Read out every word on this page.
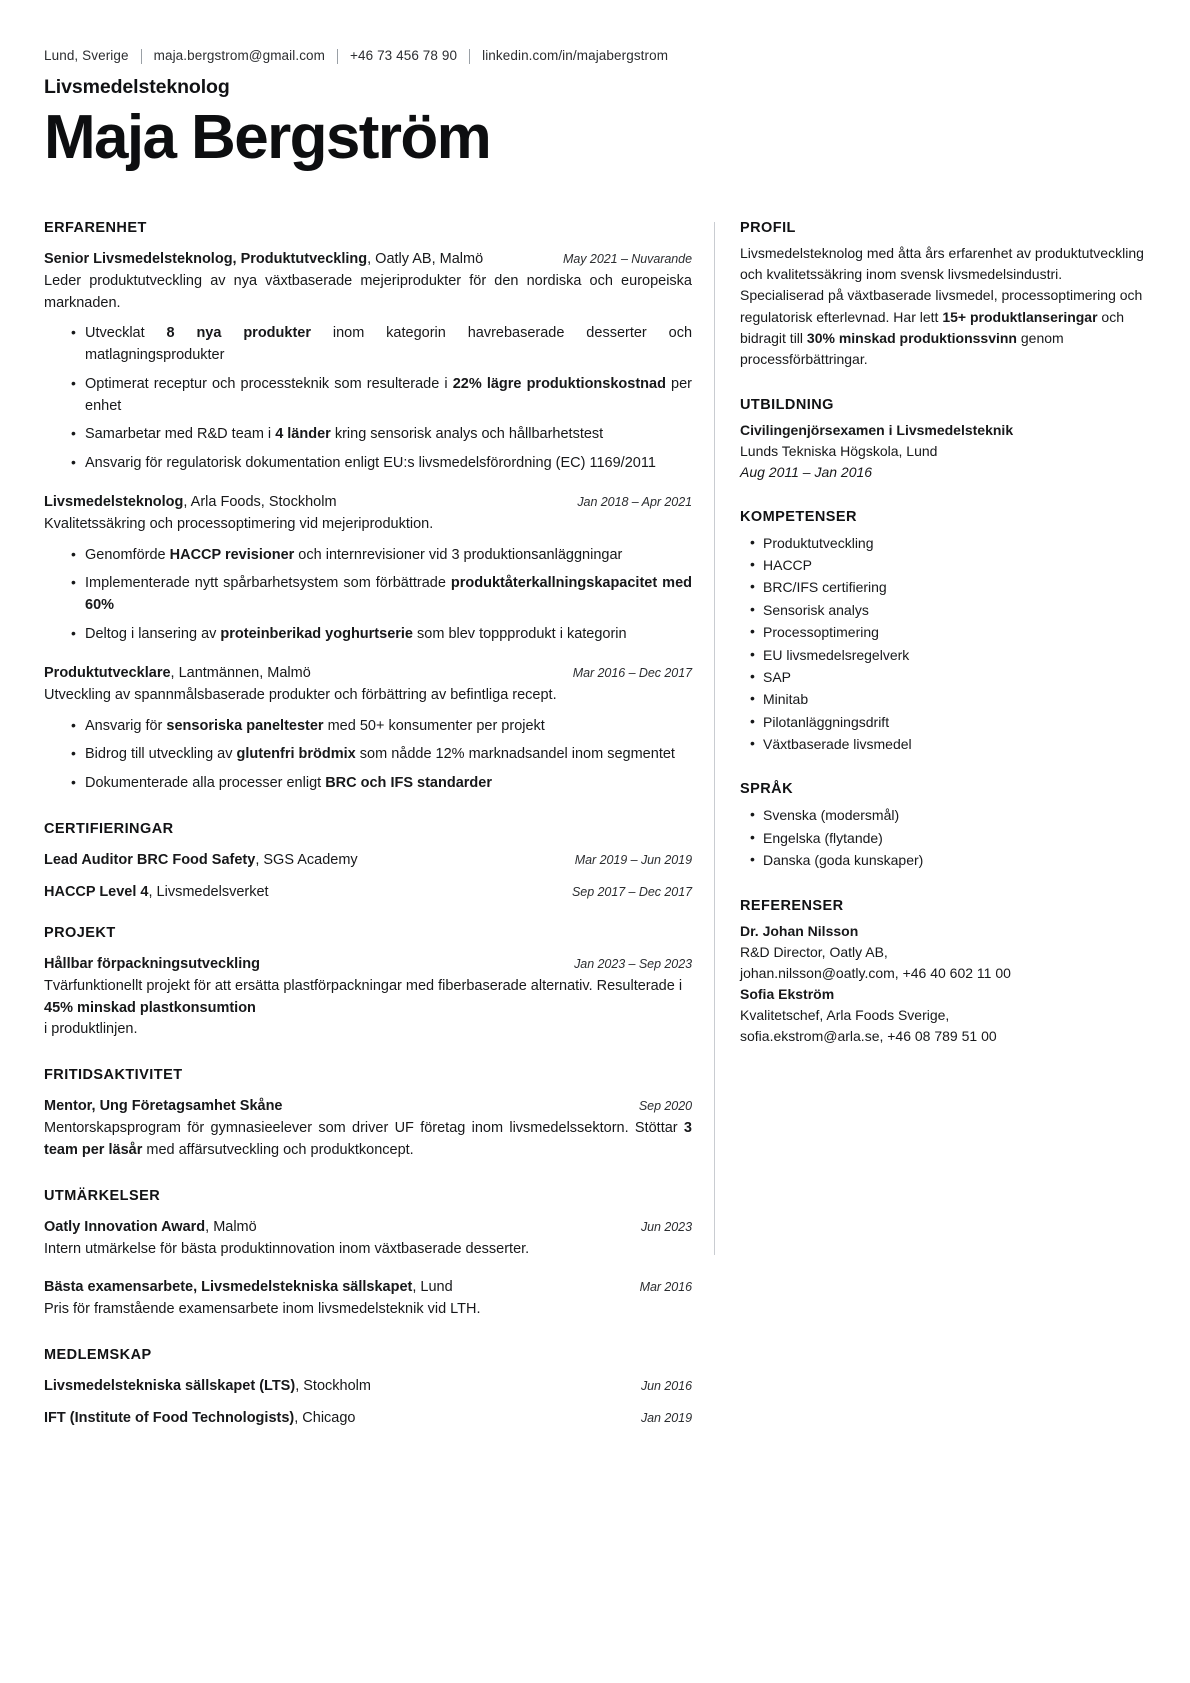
Lund, Sverige maja.bergstrom@gmail.com +46 73 456 78 90 linkedin.com/in/majabergstrom
Livsmedelsteknolog
Maja Bergström
ERFARENHET
Senior Livsmedelsteknolog, Produktutveckling, Oatly AB, Malmö	May 2021 – Nuvarande

Leder produktutveckling av nya växtbaserade mejeriprodukter för den nordiska och europeiska marknaden.

• Utvecklat 8 nya produkter inom kategorin havrebaserade desserter och matlagningsprodukter
• Optimerat receptur och processteknik som resulterade i 22% lägre produktionskostnad per enhet
• Samarbetar med R&D team i 4 länder kring sensorisk analys och hållbarhetstest
• Ansvarig för regulatorisk dokumentation enligt EU:s livsmedelsförordning (EC) 1169/2011
Livsmedelsteknolog, Arla Foods, Stockholm	Jan 2018 – Apr 2021

Kvalitetssäkring och processoptimering vid mejeriproduktion.

• Genomförde HACCP revisioner och internrevisioner vid 3 produktionsanläggningar
• Implementerade nytt spårbarhetsystem som förbättrade produktåterkallningskapacitet med 60%
• Deltog i lansering av proteinberikad yoghurtserie som blev toppprodukt i kategorin
Produktutvecklare, Lantmännen, Malmö	Mar 2016 – Dec 2017

Utveckling av spannmålsbaserade produkter och förbättring av befintliga recept.

• Ansvarig för sensoriska paneltester med 50+ konsumenter per projekt
• Bidrog till utveckling av glutenfri brödmix som nådde 12% marknadsandel inom segmentet
• Dokumenterade alla processer enligt BRC och IFS standarder
CERTIFIERINGAR
Lead Auditor BRC Food Safety, SGS Academy	Mar 2019 – Jun 2019
HACCP Level 4, Livsmedelsverket	Sep 2017 – Dec 2017
PROJEKT
Hållbar förpackningsutveckling	Jan 2023 – Sep 2023

Tvärfunktionellt projekt för att ersätta plastförpackningar med fiberbaserade alternativ. Resulterade i
45% minskad plastkonsumtion
i produktlinjen.

FRITIDSAKTIVITET
Mentor, Ung Företagsamhet Skåne	Sep 2020

Mentorskapsprogram för gymnasieelever som driver UF företag inom livsmedelssektorn. Stöttar 3 team per läsår med affärsutveckling och produktkoncept.

UTMÄRKELSER
Oatly Innovation Award, Malmö	Jun 2023

Intern utmärkelse för bästa produktinnovation inom växtbaserade desserter.

Bästa examensarbete, Livsmedelstekniska sällskapet, Lund	Mar 2016

Pris för framstående examensarbete inom livsmedelsteknik vid LTH.

MEDLEMSKAP
Livsmedelstekniska sällskapet (LTS), Stockholm	Jun 2016
IFT (Institute of Food Technologists), Chicago	Jan 2019
PROFIL

Livsmedelsteknolog med åtta års erfarenhet av produktutveckling och kvalitetssäkring inom svensk livsmedelsindustri. Specialiserad på växtbaserade livsmedel, processoptimering och regulatorisk efterlevnad. Har lett 15+ produktlanseringar och bidragit till 30% minskad produktionssvinn genom processförbättringar.

UTBILDNING

Civilingenjörsexamen i Livsmedelsteknik

Lunds Tekniska Högskola, Lund

Aug 2011 – Jan 2016

KOMPETENSER
• Produktutveckling
• HACCP
• BRC/IFS certifiering
• Sensorisk analys
• Processoptimering
• EU livsmedelsregelverk
• SAP
• Minitab
• Pilotanläggningsdrift
• Växtbaserade livsmedel
SPRÅK
• Svenska (modersmål)
• Engelska (flytande)
• Danska (goda kunskaper)
REFERENSER

Dr. Johan Nilsson

R&D Director, Oatly AB,

johan.nilsson@oatly.com, +46 40 602 11 00

Sofia Ekström

Kvalitetschef, Arla Foods Sverige,

sofia.ekstrom@arla.se, +46 08 789 51 00
